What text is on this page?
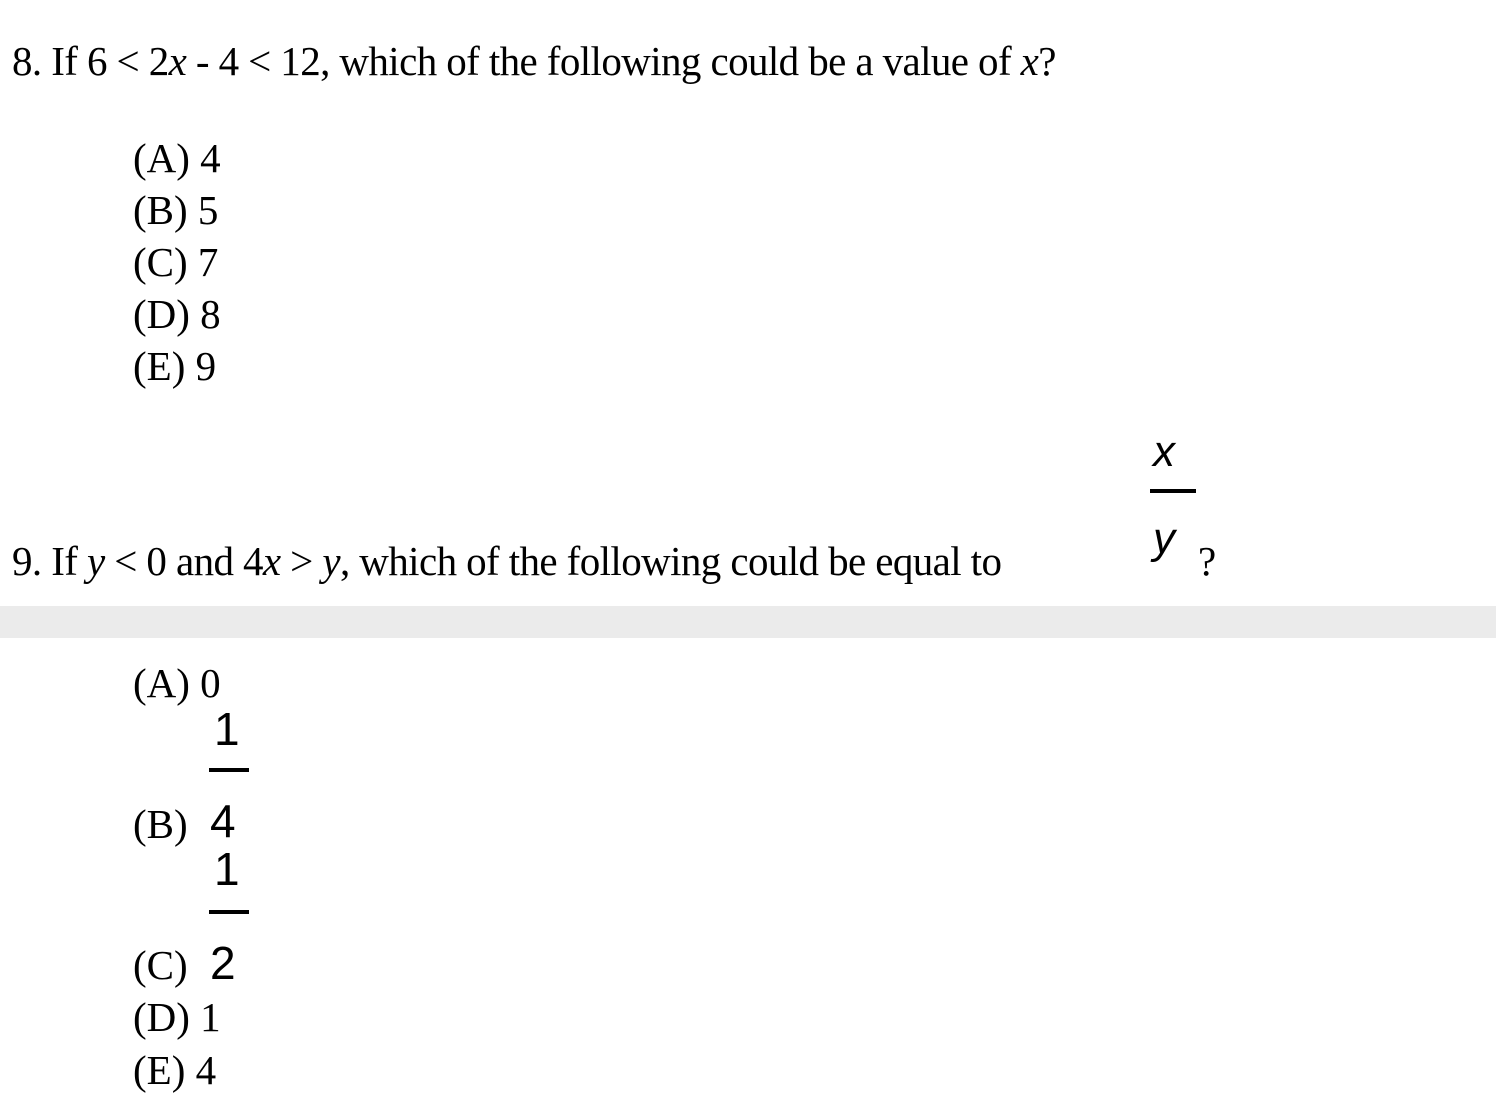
8. If 6 < 2x - 4 < 12, which of the following could be a value of x?
(A) 4
(B) 5
(C) 7
(D) 8
(E) 9
x
y
9. If y < 0 and 4x > y, which of the following could be equal to	?
(A) 0
1
(B) 4
1
(C) 2
(D) 1
(E) 4
